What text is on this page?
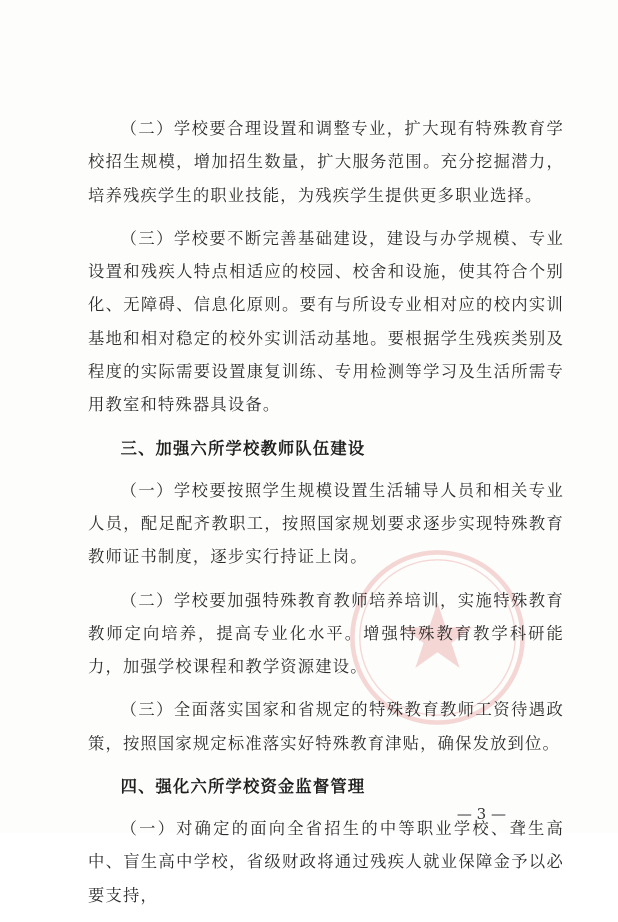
（二）学校要合理设置和调整专业，扩大现有特殊教育学校招生规模，增加招生数量，扩大服务范围。充分挖掘潜力，培养残疾学生的职业技能，为残疾学生提供更多职业选择。

（三）学校要不断完善基础建设，建设与办学规模、专业设置和残疾人特点相适应的校园、校舍和设施，使其符合个别化、无障碍、信息化原则。要有与所设专业相对应的校内实训基地和相对稳定的校外实训活动基地。要根据学生残疾类别及程度的实际需要设置康复训练、专用检测等学习及生活所需专用教室和特殊器具设备。

三、加强六所学校教师队伍建设

（一）学校要按照学生规模设置生活辅导人员和相关专业人员，配足配齐教职工，按照国家规划要求逐步实现特殊教育教师证书制度，逐步实行持证上岗。

（二）学校要加强特殊教育教师培养培训，实施特殊教育教师定向培养，提高专业化水平。增强特殊教育教学科研能力，加强学校课程和教学资源建设。

（三）全面落实国家和省规定的特殊教育教师工资待遇政策，按照国家规定标准落实好特殊教育津贴，确保发放到位。

四、强化六所学校资金监督管理

（一）对确定的面向全省招生的中等职业学校、聋生高中、盲生高中学校，省级财政将通过残疾人就业保障金予以必要支持，

— 3 —
